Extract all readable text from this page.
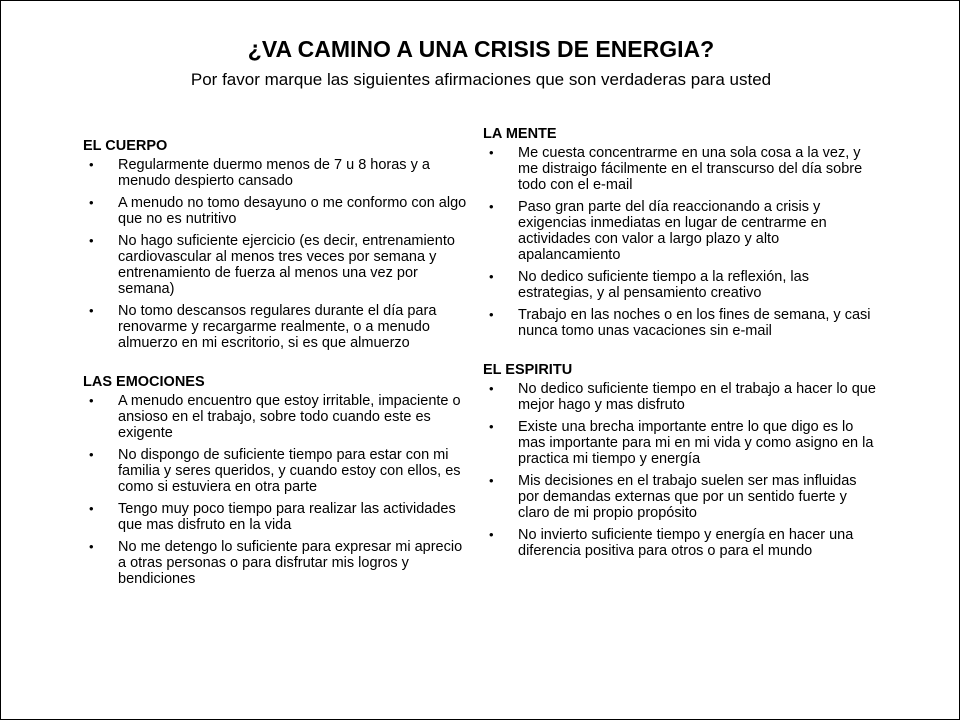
¿VA CAMINO A UNA CRISIS DE ENERGIA?
Por favor marque las siguientes afirmaciones que son verdaderas para usted
EL CUERPO
• Regularmente duermo menos de 7 u 8 horas y a menudo despierto cansado
• A menudo no tomo desayuno o me conformo con algo que no es nutritivo
• No hago suficiente ejercicio (es decir, entrenamiento cardiovascular al menos tres veces por semana y entrenamiento de fuerza al menos una vez por semana)
• No tomo descansos regulares durante el día para renovarme y recargarme realmente, o a menudo almuerzo en mi escritorio, si es que almuerzo
LAS EMOCIONES
• A menudo encuentro que estoy irritable, impaciente o ansioso en el trabajo, sobre todo cuando este es exigente
• No dispongo de suficiente tiempo para estar con mi familia y seres queridos, y cuando estoy con ellos, es como si estuviera en otra parte
• Tengo muy poco tiempo para realizar las actividades que mas disfruto en la vida
• No me detengo lo suficiente para expresar mi aprecio a otras personas o para disfrutar mis logros y bendiciones
LA MENTE
• Me cuesta concentrarme en una sola cosa a la vez, y me distraigo fácilmente en el transcurso del día sobre todo con el e-mail
• Paso gran parte del día reaccionando a crisis y exigencias inmediatas en lugar de centrarme en actividades con valor a largo plazo y alto apalancamiento
• No dedico suficiente tiempo a la reflexión, las estrategias, y al pensamiento creativo
• Trabajo en las noches o en los fines de semana, y casi nunca tomo unas vacaciones sin e-mail
EL ESPIRITU
• No dedico suficiente tiempo en el trabajo a hacer lo que mejor hago y mas disfruto
• Existe una brecha importante entre lo que digo es lo mas importante para mi en mi vida y como asigno en la practica mi tiempo y energía
• Mis decisiones en el trabajo suelen ser mas influidas por demandas externas que por un sentido fuerte y claro de mi propio propósito
• No invierto suficiente tiempo y energía en hacer una diferencia positiva para otros o para el mundo
